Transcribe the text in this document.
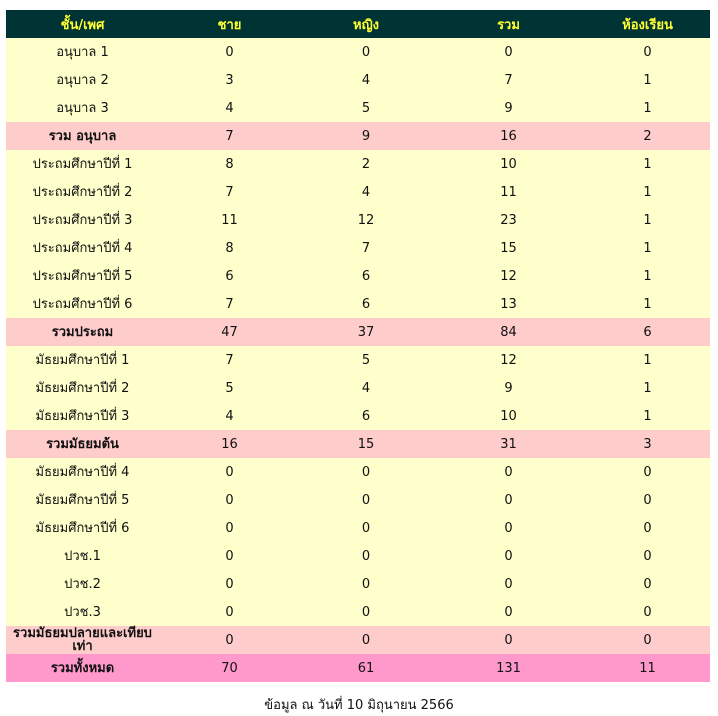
ชั้น/เพศ	ชาย	หญิง	รวม	ห้องเรียน
อนุบาล 1	0	0	0	0
อนุบาล 2	3	4	7	1
อนุบาล 3	4	5	9	1
รวม อนุบาล	7	9	16	2
ประถมศึกษาปีที่ 1	8	2	10	1
ประถมศึกษาปีที่ 2	7	4	11	1
ประถมศึกษาปีที่ 3	11	12	23	1
ประถมศึกษาปีที่ 4	8	7	15	1
ประถมศึกษาปีที่ 5	6	6	12	1
ประถมศึกษาปีที่ 6	7	6	13	1
รวมประถม	47	37	84	6
มัธยมศึกษาปีที่ 1	7	5	12	1
มัธยมศึกษาปีที่ 2	5	4	9	1
มัธยมศึกษาปีที่ 3	4	6	10	1
รวมมัธยมต้น	16	15	31	3
มัธยมศึกษาปีที่ 4	0	0	0	0
มัธยมศึกษาปีที่ 5	0	0	0	0
มัธยมศึกษาปีที่ 6	0	0	0	0
ปวช.1	0	0	0	0
ปวช.2	0	0	0	0
ปวช.3	0	0	0	0
รวมมัธยมปลายและเทียบเท่า	0	0	0	0
รวมทั้งหมด	70	61	131	11
ข้อมูล ณ วันที่ 10 มิถุนายน 2566
